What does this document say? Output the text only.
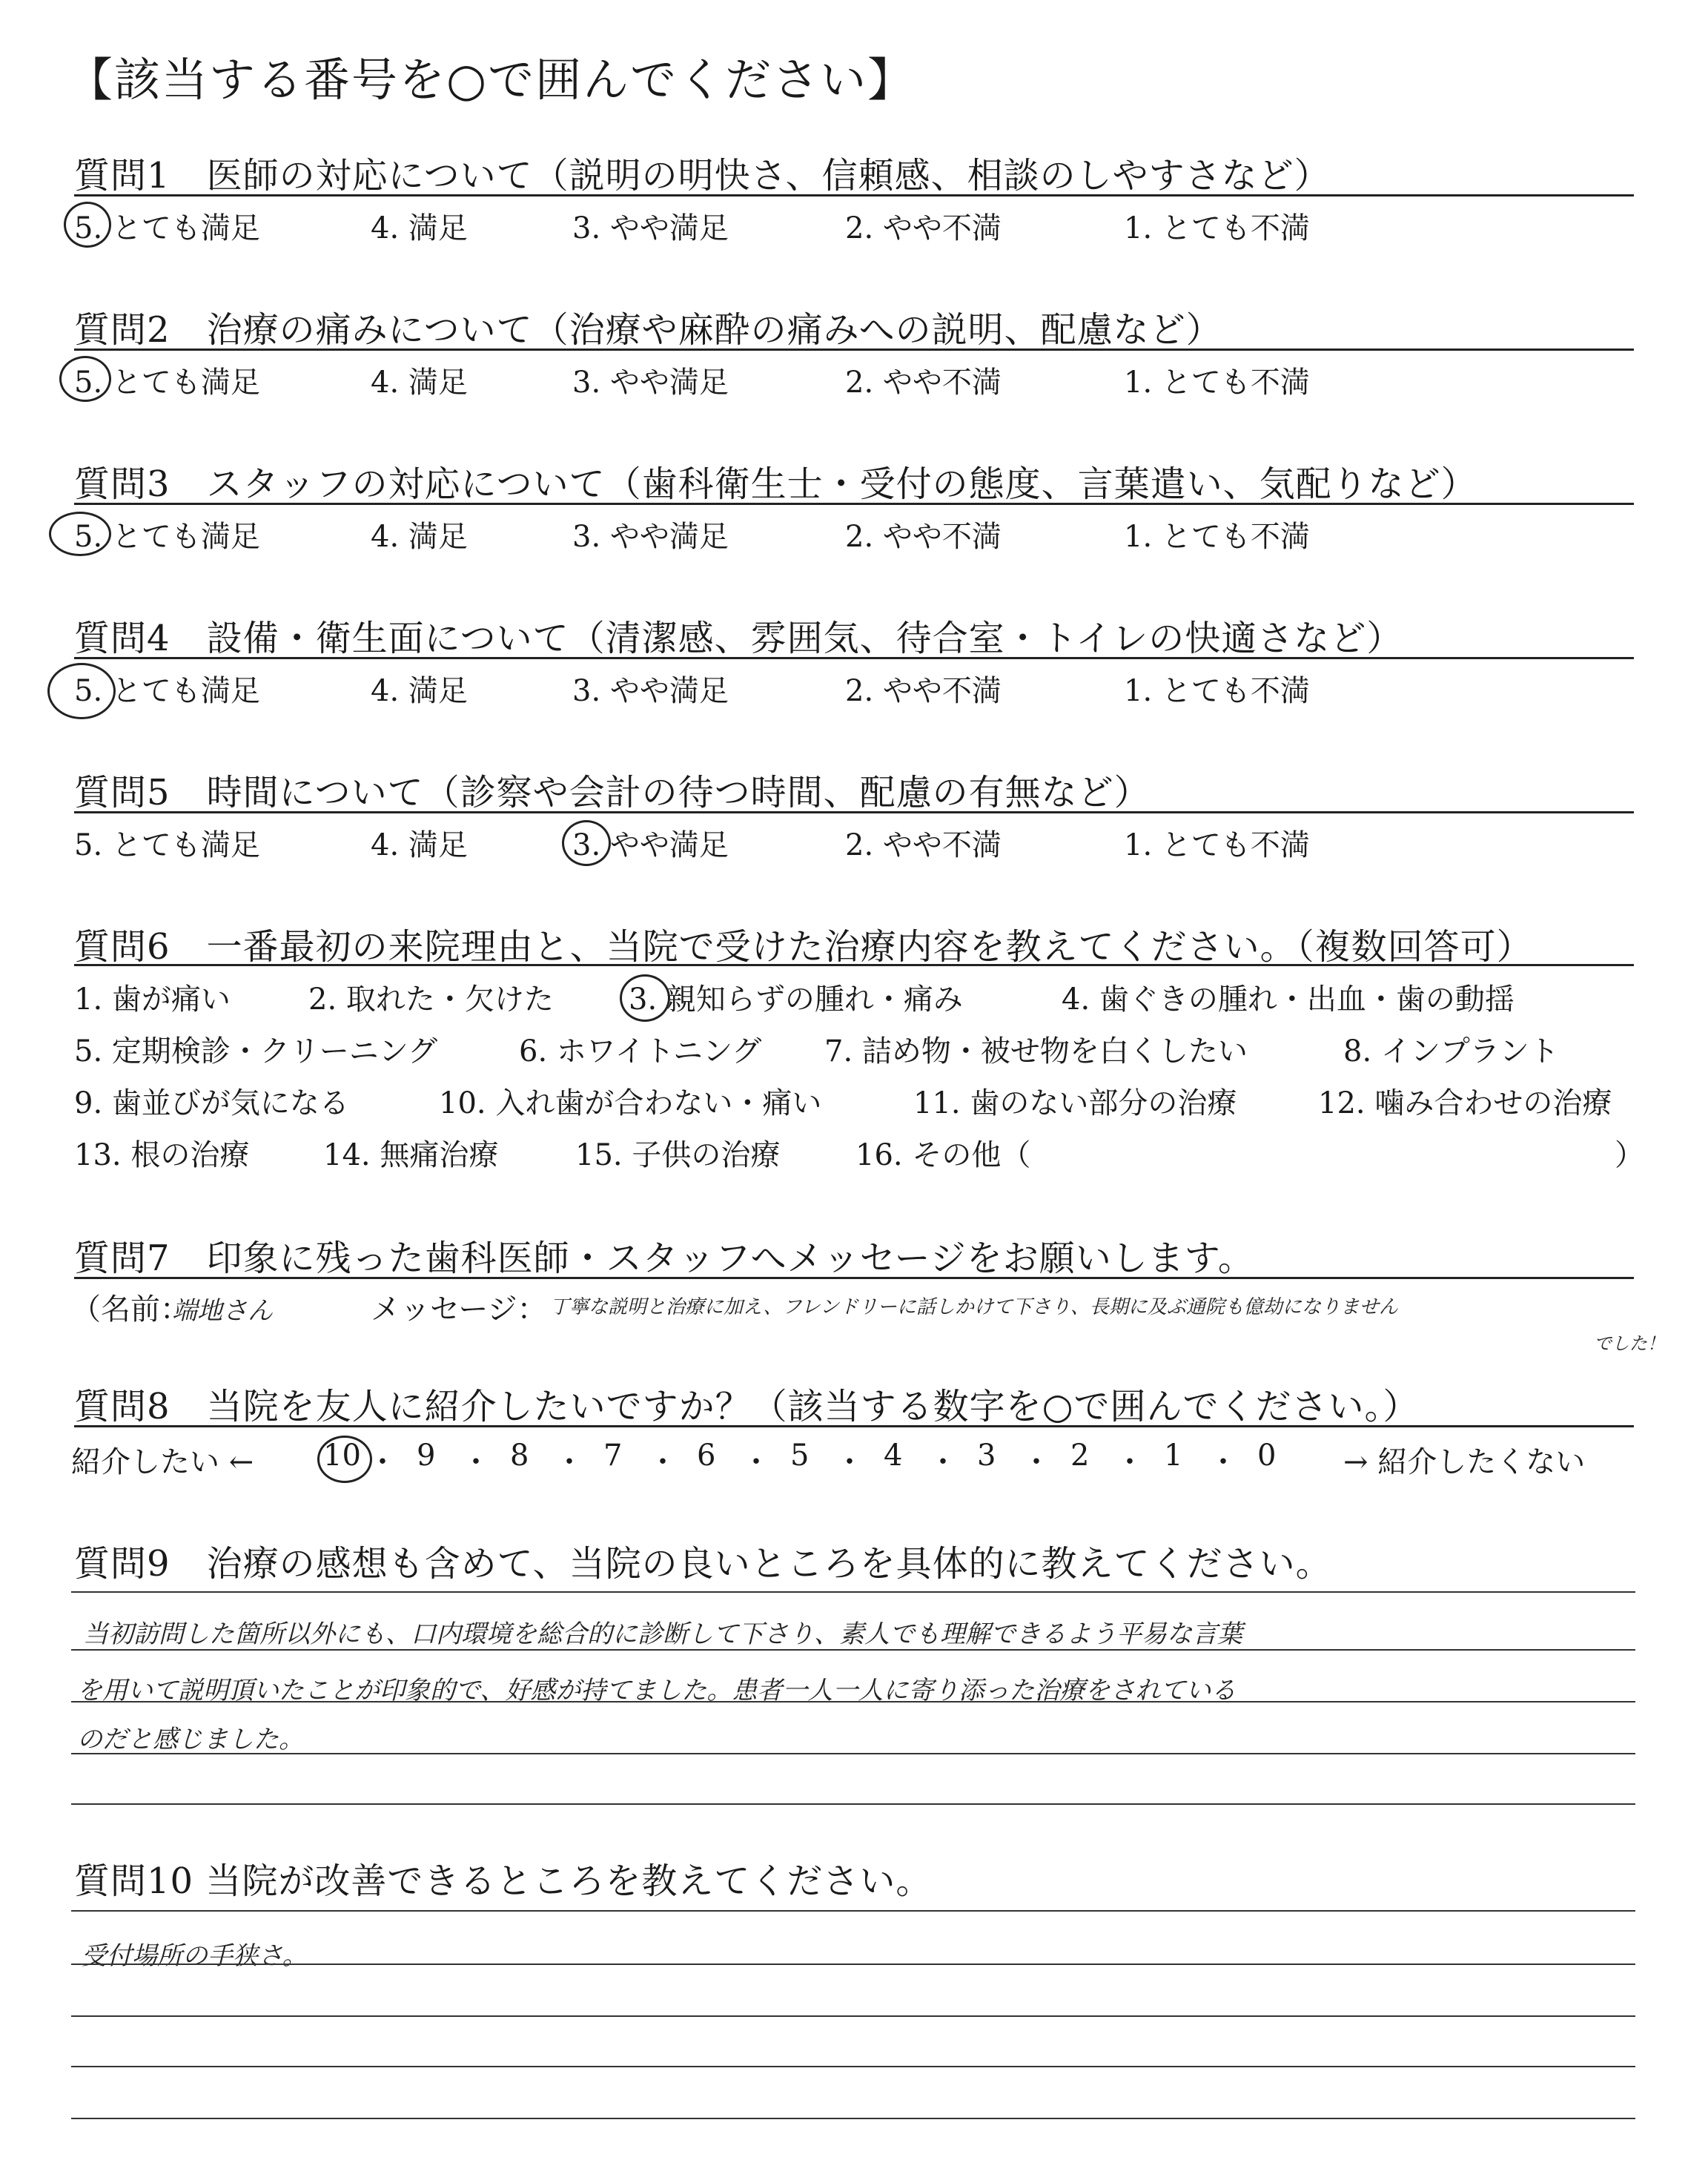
【該当する番号を○で囲んでください】
質問1　 医師の対応について（説明の明快さ、信頼感、相談のしやすさなど）
5. とても満足	4. 満足	3. やや満足	2. やや不満	1. とても不満
質問2　 治療の痛みについて（治療や麻酔の痛みへの説明、配慮など）
5. とても満足	4. 満足	3. やや満足	2. やや不満	1. とても不満
質問3　 スタッフの対応について（歯科衛生士・受付の態度、言葉遣い、気配りなど）
5. とても満足	4. 満足	3. やや満足	2. やや不満	1. とても不満
質問4　 設備・衛生面について（清潔感、雰囲気、待合室・トイレの快適さなど）
5. とても満足	4. 満足	3. やや満足	2. やや不満	1. とても不満
質問5　 時間について（診察や会計の待つ時間、配慮の有無など）
5. とても満足	4. 満足	3. やや満足	2. やや不満	1. とても不満
質問6　 一番最初の来院理由と、当院で受けた治療内容を教えてください。（複数回答可）
1. 歯が痛い	2. 取れた・欠けた	3. 親知らずの腫れ・痛み	4. 歯ぐきの腫れ・出血・歯の動揺
5. 定期検診・クリーニング	6. ホワイトニング 7. 詰め物・被せ物を白くしたい	8. インプラント
9. 歯並びが気になる	10. 入れ歯が合わない・痛い	11. 歯のない部分の治療	12. 噛み合わせの治療
13. 根の治療 14. 無痛治療	15. 子供の治療	16. その他（	）
質問7　 印象に残った歯科医師・スタッフへメッセージをお願いします。
（名前：
端地さん	メッセージ： 丁寧な説明と治療に加え、フレンドリーに話しかけて下さり、長期に及ぶ通院も億劫になりません
でした！
質問8　 当院を友人に紹介したいですか？（該当する数字を○で囲んでください。）
紹介したい ← 10 ・ 9 ・ 8 ・ 7 ・ 6 ・ 5 ・ 4 ・ 3 ・ 2 ・ 1 ・ 0 → 紹介したくない
質問9　 治療の感想も含めて、当院の良いところを具体的に教えてください。
当初訪問した箇所以外にも、口内環境を総合的に診断して下さり、素人でも理解できるよう平易な言葉
を用いて説明頂いたことが印象的で、好感が持てました。患者一人一人に寄り添った治療をされている
のだと感じました。
質問10 当院が改善できるところを教えてください。
受付場所の手狭さ。
